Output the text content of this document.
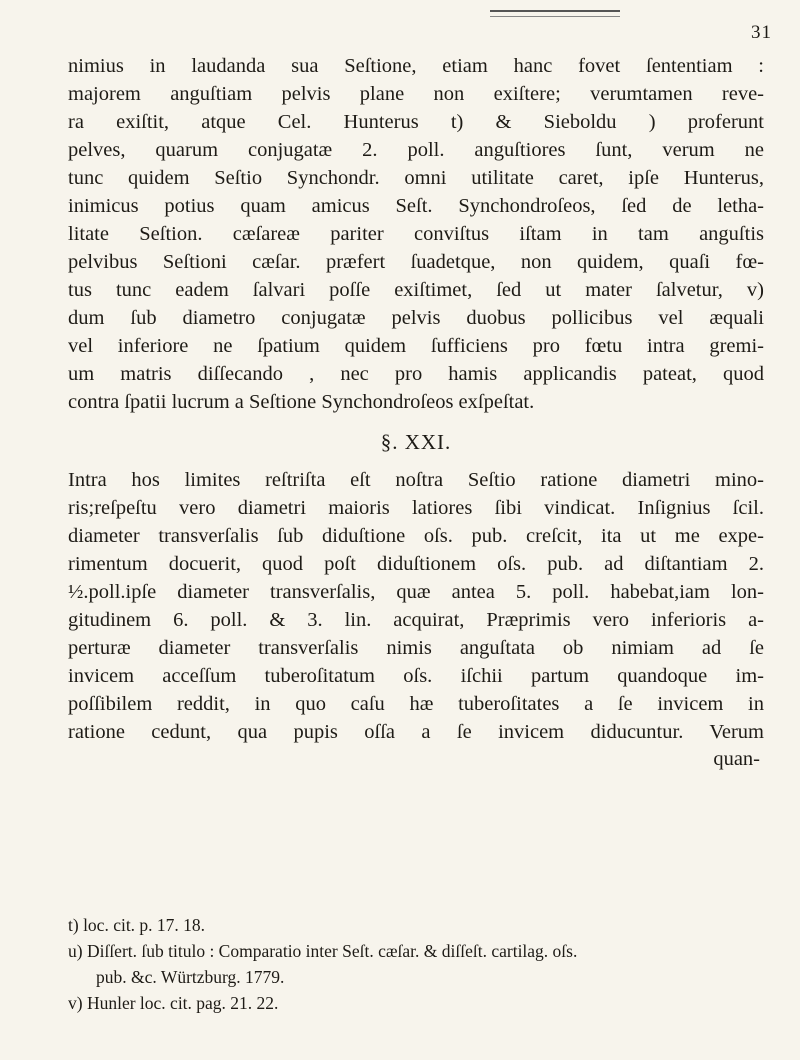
31
nimius in laudanda sua Seſtione, etiam hanc fovet ſententiam :
majorem anguſtiam pelvis plane non exiſtere; verumtamen reve-
ra exiſtit, atque Cel. Hunterus t) & Sieboldu ) proferunt
pelves, quarum conjugatæ 2. poll. anguſtiores ſunt, verum ne
tunc quidem Seſtio Synchondr. omni utilitate caret, ipſe Hunterus,
inimicus potius quam amicus Seſt. Synchondroſeos, ſed de letha-
litate Seſtion. cæſareæ pariter conviſtus iſtam in tam anguſtis
pelvibus Seſtioni cæſar. præfert ſuadetque, non quidem, quaſi fœ-
tus tunc eadem ſalvari poſſe exiſtimet, ſed ut mater ſalvetur, v)
dum ſub diametro conjugatæ pelvis duobus pollicibus vel æquali
vel inferiore ne ſpatium quidem ſufficiens pro fœtu intra gremi-
um matris diſſecando , nec pro hamis applicandis pateat, quod
contra ſpatii lucrum a Seſtione Synchondroſeos exſpeſtat.
§. XXI.
Intra hos limites reſtriſta eſt noſtra Seſtio ratione diametri mino-
ris;reſpeſtu vero diametri maioris latiores ſibi vindicat. Inſignius ſcil.
diameter transverſalis ſub diduſtione oſs. pub. creſcit, ita ut me expe-
rimentum docuerit, quod poſt diduſtionem oſs. pub. ad diſtantiam 2.
½.poll.ipſe diameter transverſalis, quæ antea 5. poll. habebat,iam lon-
gitudinem 6. poll. & 3. lin. acquirat, Præprimis vero inferioris a-
perturæ diameter transverſalis nimis anguſtata ob nimiam ad ſe
invicem acceſſum tuberoſitatum oſs. iſchii partum quandoque im-
poſſibilem reddit, in quo caſu hæ tuberoſitates a ſe invicem in
ratione cedunt, qua pupis oſſa a ſe invicem diducuntur. Verum
quan-
t) loc. cit. p. 17. 18.
u) Diſſert. ſub titulo : Comparatio inter Seſt. cæſar. & diſſeſt. cartilag. oſs.
pub. &c. Würtzburg. 1779.
v) Hunler loc. cit. pag. 21. 22.
